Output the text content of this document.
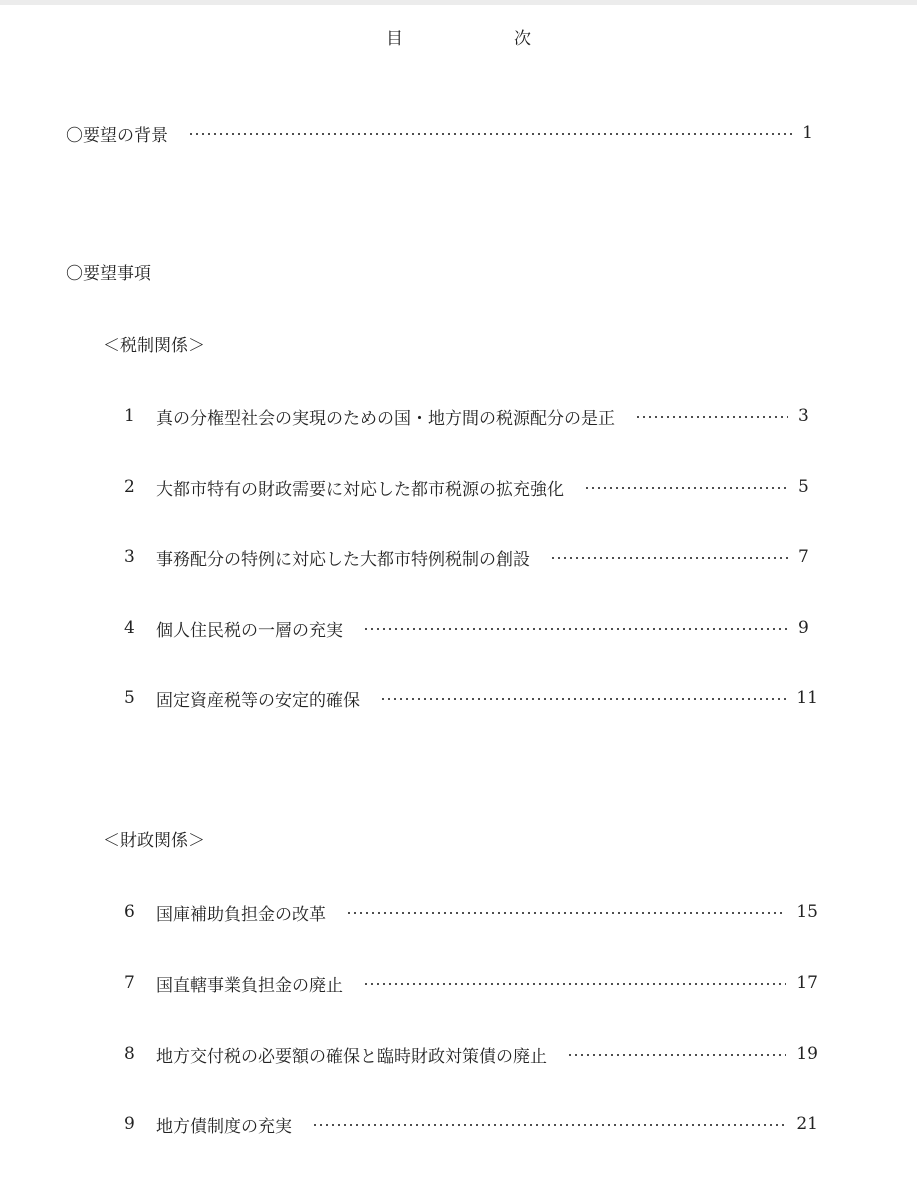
目	次
〇要望の背景	1
〇要望事項
＜税制関係＞
1	真の分権型社会の実現のための国・地方間の税源配分の是正	3
2	大都市特有の財政需要に対応した都市税源の拡充強化	5
3	事務配分の特例に対応した大都市特例税制の創設	7
4	個人住民税の一層の充実	9
5	固定資産税等の安定的確保	11
＜財政関係＞
6	国庫補助負担金の改革	15
7	国直轄事業負担金の廃止	17
8	地方交付税の必要額の確保と臨時財政対策債の廃止	19
9	地方債制度の充実	21
